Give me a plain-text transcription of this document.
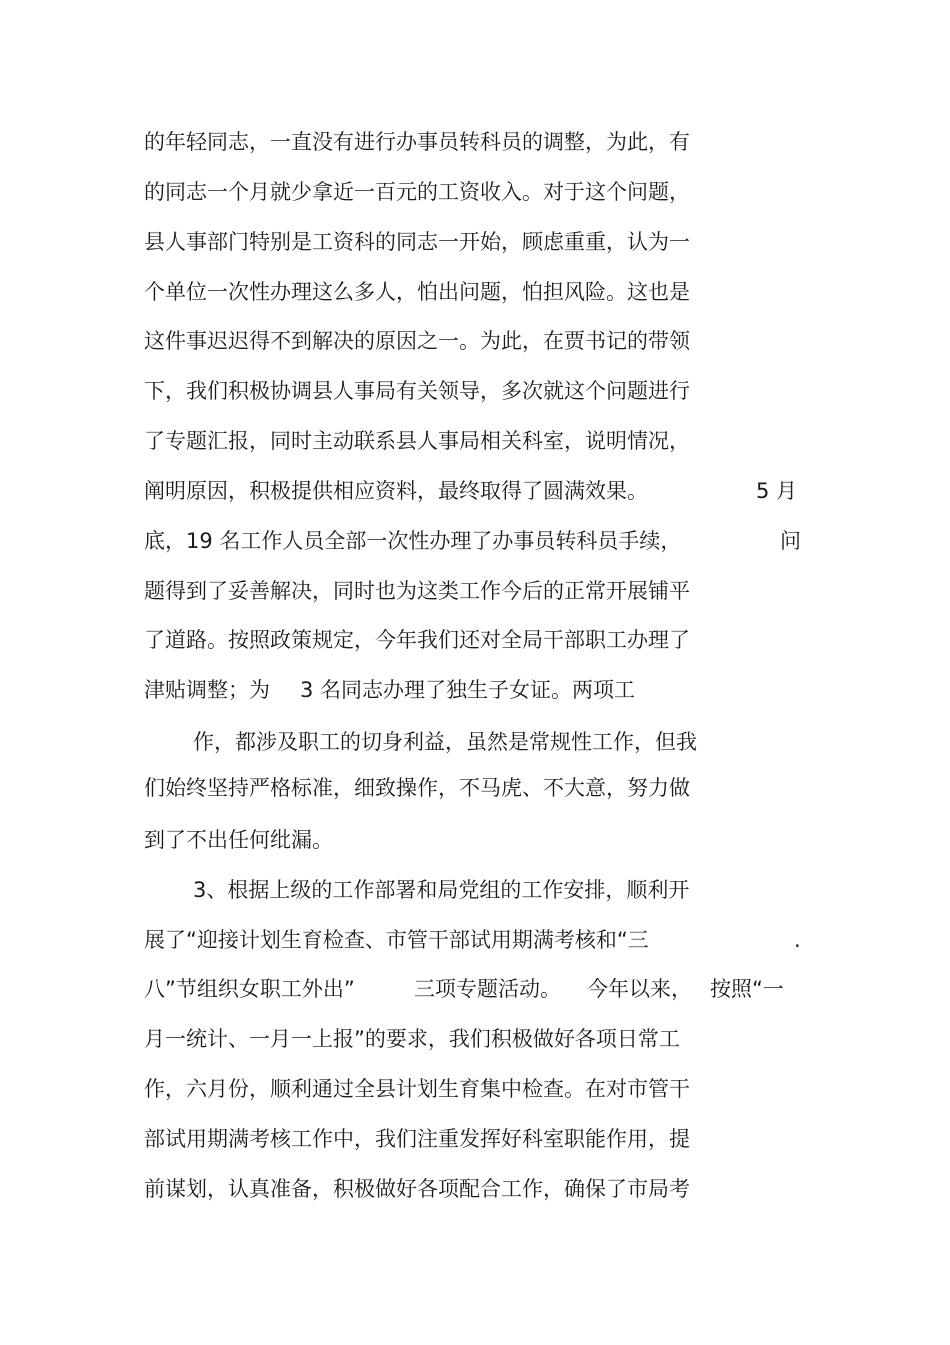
的年轻同志，一直没有进行办事员转科员的调整，为此，有
的同志一个月就少拿近一百元的工资收入。对于这个问题，
县人事部门特别是工资科的同志一开始，顾虑重重，认为一
个单位一次性办理这么多人，怕出问题，怕担风险。这也是
这件事迟迟得不到解决的原因之一。为此，在贾书记的带领
下，我们积极协调县人事局有关领导，多次就这个问题进行
了专题汇报，同时主动联系县人事局相关科室，说明情况，
阐明原因，积极提供相应资料，最终取得了圆满效果。	5 月
底，19 名工作人员全部一次性办理了办事员转科员手续，	问
题得到了妥善解决，同时也为这类工作今后的正常开展铺平
了道路。按照政策规定，今年我们还对全局干部职工办理了
津贴调整；为 3 名同志办理了独生子女证。两项工
作，都涉及职工的切身利益，虽然是常规性工作，但我
们始终坚持严格标准，细致操作，不马虎、不大意，努力做
到了不出任何纰漏。
3、根据上级的工作部署和局党组的工作安排，顺利开
展了“迎接计划生育检查、市管干部试用期满考核和“三	.
八”节组织女职工外出”	三项专题活动。 今年以来， 按照“一
月一统计、一月一上报”的要求，我们积极做好各项日常工
作，六月份，顺利通过全县计划生育集中检查。在对市管干
部试用期满考核工作中，我们注重发挥好科室职能作用，提
前谋划，认真准备，积极做好各项配合工作，确保了市局考
